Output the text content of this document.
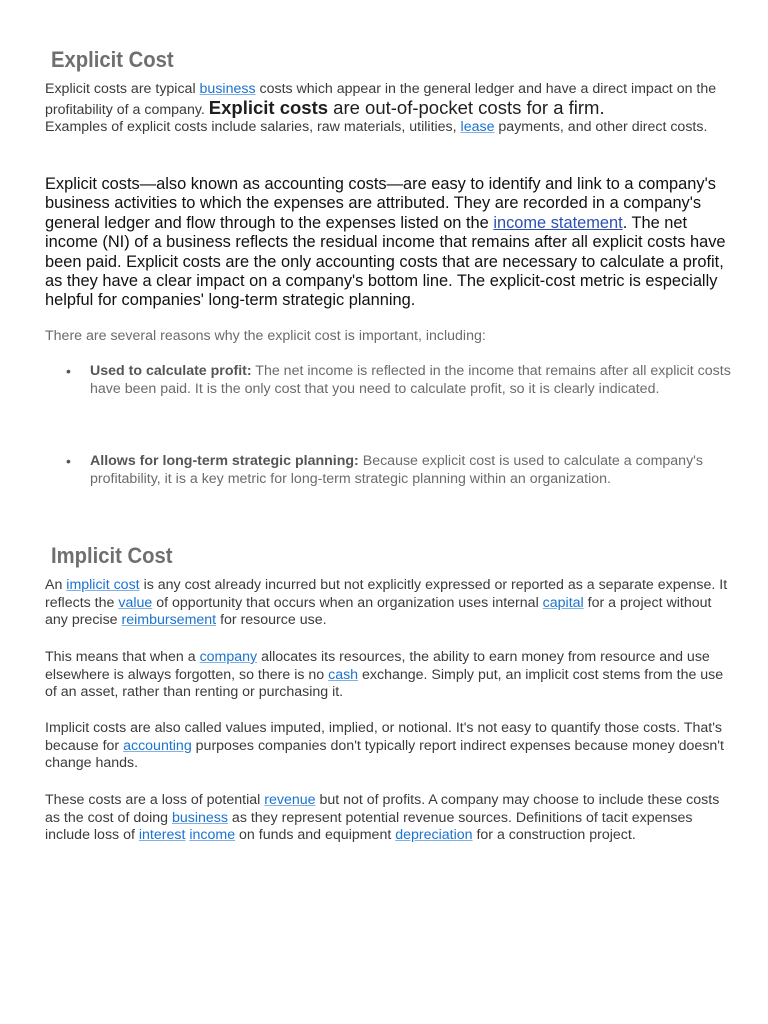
Explicit Cost

Explicit costs are typical business costs which appear in the general ledger and have a direct impact on the profitability of a company. Explicit costs are out-of-pocket costs for a firm.
Examples of explicit costs include salaries, raw materials, utilities, lease payments, and other direct costs.

Explicit costs—also known as accounting costs—are easy to identify and link to a company's business activities to which the expenses are attributed. They are recorded in a company's general ledger and flow through to the expenses listed on the income statement. The net income (NI) of a business reflects the residual income that remains after all explicit costs have been paid. Explicit costs are the only accounting costs that are necessary to calculate a profit, as they have a clear impact on a company's bottom line. The explicit-cost metric is especially helpful for companies' long-term strategic planning.

There are several reasons why the explicit cost is important, including:

• Used to calculate profit: The net income is reflected in the income that remains after all explicit costs have been paid. It is the only cost that you need to calculate profit, so it is clearly indicated.
• Allows for long-term strategic planning: Because explicit cost is used to calculate a company's profitability, it is a key metric for long-term strategic planning within an organization.
Implicit Cost

An implicit cost is any cost already incurred but not explicitly expressed or reported as a separate expense. It reflects the value of opportunity that occurs when an organization uses internal capital for a project without any precise reimbursement for resource use.

This means that when a company allocates its resources, the ability to earn money from resource and use elsewhere is always forgotten, so there is no cash exchange. Simply put, an implicit cost stems from the use of an asset, rather than renting or purchasing it.

Implicit costs are also called values imputed, implied, or notional. It's not easy to quantify those costs. That's because for accounting purposes companies don't typically report indirect expenses because money doesn't change hands.

These costs are a loss of potential revenue but not of profits. A company may choose to include these costs as the cost of doing business as they represent potential revenue sources. Definitions of tacit expenses include loss of interest income on funds and equipment depreciation for a construction project.
